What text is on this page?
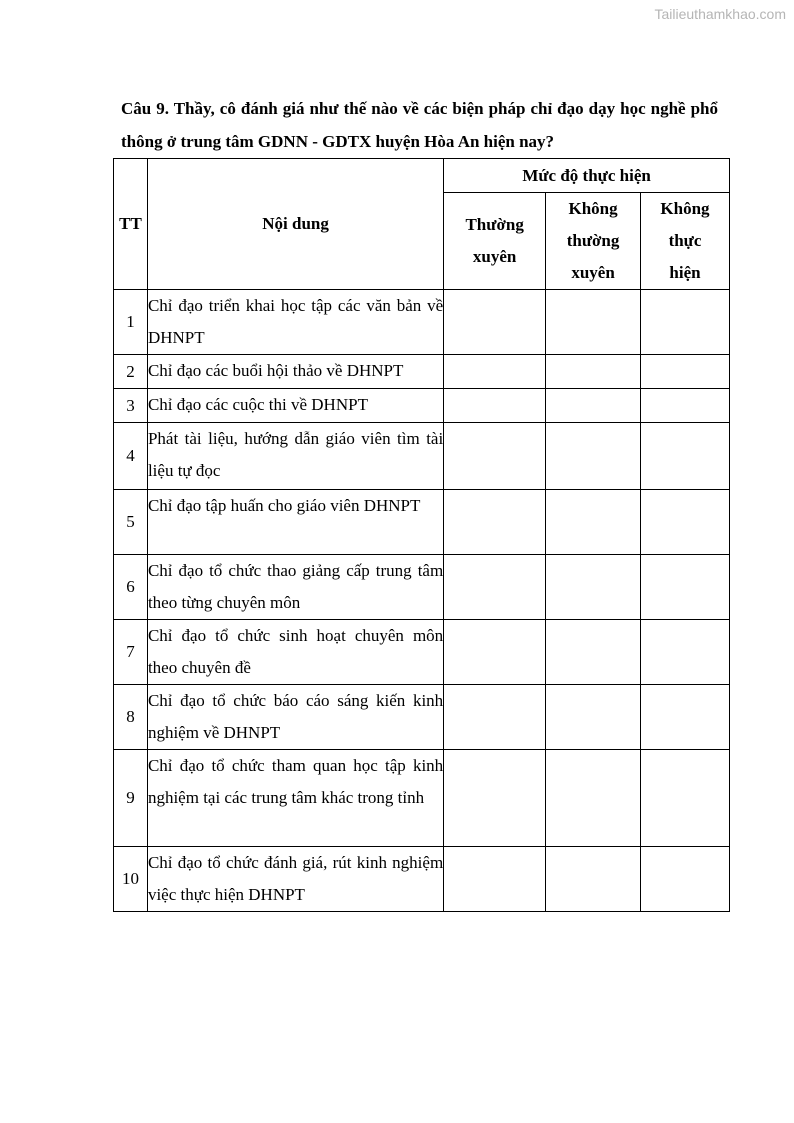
Tailieuthamkhao.com
Câu 9. Thầy, cô đánh giá như thế nào về các biện pháp chỉ đạo dạy học nghề phổ thông ở trung tâm GDNN - GDTX huyện Hòa An hiện nay?
TT	Nội dung	Mức độ thực hiện		
		Thường xuyên	Không thường xuyên	Không thực hiện
1	Chỉ đạo triển khai học tập các văn bản về DHNPT			
2	Chỉ đạo các buổi hội thảo về DHNPT			
3	Chỉ đạo các cuộc thi về DHNPT			
4	Phát tài liệu, hướng dẫn giáo viên tìm tài liệu tự đọc			
5	Chỉ đạo tập huấn cho giáo viên DHNPT			
6	Chỉ đạo tổ chức thao giảng cấp trung tâm theo từng chuyên môn			
7	Chỉ đạo tổ chức sinh hoạt chuyên môn theo chuyên đề			
8	Chỉ đạo tổ chức báo cáo sáng kiến kinh nghiệm về DHNPT			
9	Chỉ đạo tổ chức tham quan học tập kinh nghiệm tại các trung tâm khác trong tỉnh			
10	Chỉ đạo tổ chức đánh giá, rút kinh nghiệm việc thực hiện DHNPT			
